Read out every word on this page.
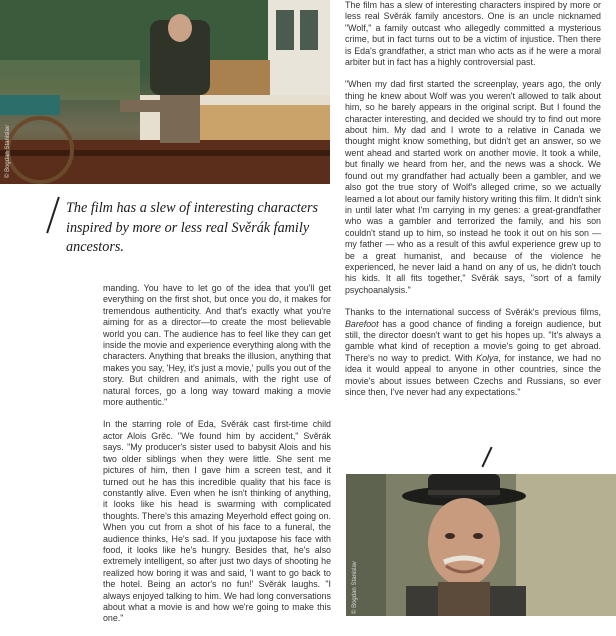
© Bogdan Stanislav
The film has a slew of interesting characters inspired by more or less real Svěrák family ancestors.

The film has a slew of interesting characters inspired by more or less real Svěrák family ancestors. One is an uncle nicknamed "Wolf," a family outcast who allegedly committed a mysterious crime, but in fact turns out to be a victim of injustice. Then there is Eda's grandfather, a strict man who acts as if he were a moral arbiter but in fact has a highly controversial past.

"When my dad first started the screenplay, years ago, the only thing he knew about Wolf was you weren't allowed to talk about him, so he barely appears in the original script. But I found the character interesting, and decided we should try to find out more about him. My dad and I wrote to a relative in Canada we thought might know something, but didn't get an answer, so we went ahead and started work on another movie. It took a while, but finally we heard from her, and the news was a shock. We found out my grandfather had actually been a gambler, and we also got the true story of Wolf's alleged crime, so we actually learned a lot about our family history writing this film. It didn't sink in until later what I'm carrying in my genes: a great-grandfather who was a gambler and terrorized the family, and his son couldn't stand up to him, so instead he took it out on his son — my father — who as a result of this awful experience grew up to be a great humanist, and because of the violence he experienced, he never laid a hand on any of us, he didn't touch his kids. It all fits together," Svěrák says, "sort of a family psychoanalysis."

Thanks to the international success of Svěrák's previous films, Barefoot has a good chance of finding a foreign audience, but still, the director doesn't want to get his hopes up. "It's always a gamble what kind of reception a movie's going to get abroad. There's no way to predict. With Kolya, for instance, we had no idea it would appeal to anyone in other countries, since the movie's about issues between Czechs and Russians, so ever since then, I've never had any expectations."

manding. You have to let go of the idea that you'll get everything on the first shot, but once you do, it makes for tremendous authenticity. And that's exactly what you're aiming for as a director—to create the most believable world you can. The audience has to feel like they can get inside the movie and experience everything along with the characters. Anything that breaks the illusion, anything that makes you say, 'Hey, it's just a movie,' pulls you out of the story. But children and animals, with the right use of natural forces, go a long way toward making a movie more authentic."

In the starring role of Eda, Svěrák cast first-time child actor Alois Grěc. "We found him by accident," Svěrák says. "My producer's sister used to babysit Alois and his two older siblings when they were little. She sent me pictures of him, then I gave him a screen test, and it turned out he has this incredible quality that his face is constantly alive. Even when he isn't thinking of anything, it looks like his head is swarming with complicated thoughts. There's this amazing Meyerhold effect going on. When you cut from a shot of his face to a funeral, the audience thinks, He's sad. If you juxtapose his face with food, it looks like he's hungry. Besides that, he's also extremely intelligent, so after just two days of shooting he realized how boring it was and said, 'I want to go back to the hotel. Being an actor's no fun!' Svěrák laughs. "I always enjoyed talking to him. We had long conversations about what a movie is and how we're going to make this one."

© Bogdan Stanislav
